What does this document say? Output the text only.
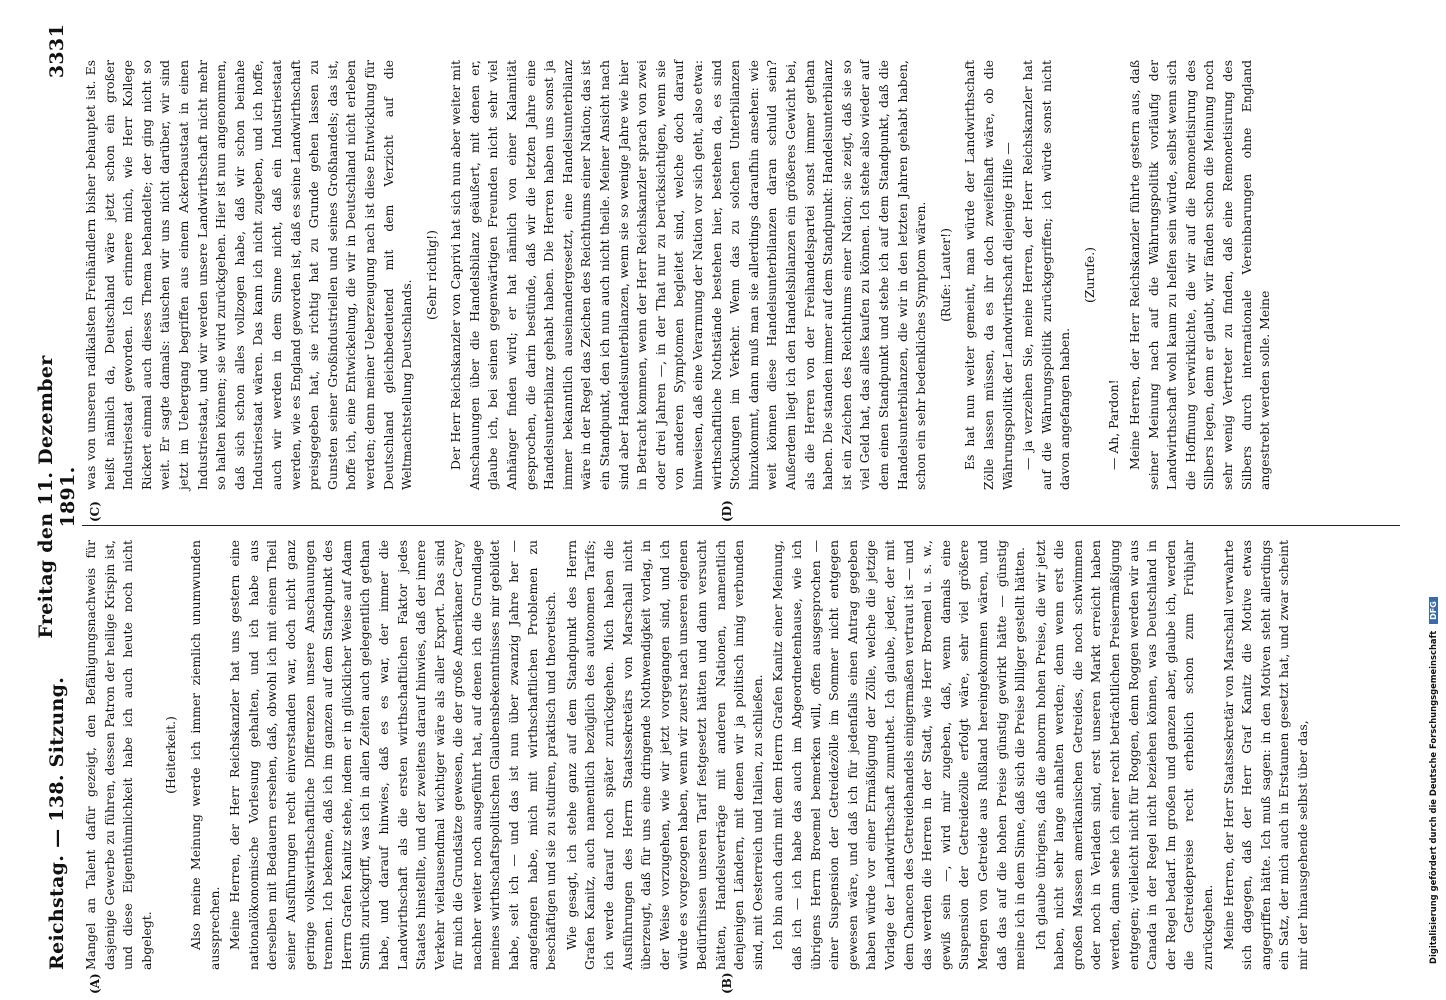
Reichstag. — 138. Sitzung.
Freitag den 11. Dezember 1891.
3331
(A)	(B)
(C)	(D)

Mangel an Talent dafür gezeigt, den Befähigungsnachweis für dasjenige Gewerbe zu führen, dessen Patron der heilige Krispin ist, und diese Eigenthümlichkeit habe ich auch heute noch nicht abgelegt.

(Heiterkeit.) Also meine Meinung werde ich immer ziemlich unumwunden aussprechen. Meine Herren, der Herr Reichskanzler hat uns gestern eine nationalökonomische Vorlesung gehalten, und ich habe aus derselben mit Bedauern ersehen, daß, obwohl ich mit einem Theil seiner Ausführungen recht einverstanden war, doch nicht ganz geringe volkswirthschaftliche Differenzen unsere Anschauungen trennen. Ich bekenne, daß ich im ganzen auf dem Standpunkt des Herrn Grafen Kanitz stehe, indem er in glücklicher Weise auf Adam Smith zurückgriff, was ich in allen Zeiten auch gelegentlich gethan habe, und darauf hinwies, daß es es war, der immer die Landwirthschaft als die ersten wirthschaftlichen Faktor jedes Staates hinstellte, und der zweitens darauf hinwies, daß der innere Verkehr vieltausendmal wichtiger wäre als aller Export. Das sind für mich die Grundsätze gewesen, die der große Amerikaner Carey nachher weiter noch ausgeführt hat, auf denen ich die Grundlage meines wirthschaftspolitischen Glaubensbekenntnisses mir gebildet habe, seit ich — und das ist nun über zwanzig Jahre her — angefangen habe, mich mit wirthschaftlichen Problemen zu beschäftigen und sie zu studiren, praktisch und theoretisch. Wie gesagt, ich stehe ganz auf dem Standpunkt des Herrn Grafen Kanitz, auch namentlich bezüglich des autonomen Tarifs; ich werde darauf noch später zurückgehen. Mich haben die Ausführungen des Herrn Staatssekretärs von Marschall nicht überzeugt, daß für uns eine dringende Nothwendigkeit vorlag, in der Weise vorzugehen, wie wir jetzt vorgegangen sind, und ich würde es vorgezogen haben, wenn wir zuerst nach unseren eigenen Bedürfnissen unseren Tarif festgesetzt hätten und dann versucht hätten, Handelsverträge mit anderen Nationen, namentlich denjenigen Ländern, mit denen wir ja politisch innig verbunden sind, mit Oesterreich und Italien, zu schließen. Ich bin auch darin mit dem Herrn Grafen Kanitz einer Meinung, daß ich — ich habe das auch im Abgeordnetenhause, wie ich übrigens Herrn Broemel bemerken will, offen ausgesprochen — einer Suspension der Getreidezölle im Sommer nicht entgegen gewesen wäre, und daß ich für jedenfalls einen Antrag gegeben haben würde vor einer Ermäßigung der Zölle, welche die jetzige Vorlage der Landwirthschaft zumuthet. Ich glaube, jeder, der mit dem Chancen des Getreidehandels einigermaßen vertraut ist — und das werden die Herren in der Stadt, wie Herr Broemel u. s. w., gewiß sein —, wird mir zugeben, daß, wenn damals eine Suspension der Getreidezölle erfolgt wäre, sehr viel größere Mengen von Getreide aus Rußland hereingekommen wären, und daß das auf die hohen Preise günstig gewirkt hätte — günstig meine ich in dem Sinne, daß sich die Preise billiger gestellt hätten. Ich glaube übrigens, daß die abnorm hohen Preise, die wir jetzt haben, nicht sehr lange anhalten werden; denn wenn erst die großen Massen amerikanischen Getreides, die noch schwimmen oder noch in Verladen sind, erst unseren Markt erreicht haben werden, dann sehe ich einer recht beträchtlichen Preisermäßigung entgegen; vielleicht nicht für Roggen, denn Roggen werden wir aus Canada in der Regel nicht beziehen können, was Deutschland in der Regel bedarf. Im großen und ganzen aber, glaube ich, werden die Getreidepreise recht erheblich schon zum Frühjahr zurückgehen. Meine Herren, der Herr Staatssekretär von Marschall verwahrte sich dagegen, daß der Herr Graf Kanitz die Motive etwas angegriffen hätte. Ich muß sagen: in den Motiven steht allerdings ein Satz, der mich auch in Erstaunen gesetzt hat, und zwar scheint mir der hinausgehende selbst über das,

was von unseren radikalsten Freihändlern bisher behauptet ist. Es heißt nämlich da, Deutschland wäre jetzt schon ein großer Industriestaat geworden. Ich erinnere mich, wie Herr Kollege Rickert einmal auch dieses Thema behandelte; der ging nicht so weit. Er sagte damals: täuschen wir uns nicht darüber, wir sind jetzt im Uebergang begriffen aus einem Ackerbaustaat in einen Industriestaat, und wir werden unsere Landwirthschaft nicht mehr so halten können; sie wird zurückgehen. Hier ist nun angenommen, daß sich schon alles vollzogen habe, daß wir schon beinahe Industriestaat wären. Das kann ich nicht zugeben, und ich hoffe, auch wir werden in dem Sinne nicht, daß ein Industriestaat werden, wie es England geworden ist, daß es seine Landwirthschaft preisgegeben hat, sie richtig hat zu Grunde gehen lassen zu Gunsten seiner Großindustriellen und seines Großhandels; das ist, hoffe ich, eine Entwickelung, die wir in Deutschland nicht erleben werden; denn meiner Ueberzeugung nach ist diese Entwicklung für Deutschland gleichbedeutend mit dem Verzicht auf die Weltmachtstellung Deutschlands.

(Sehr richtig!) Der Herr Reichskanzler von Caprivi hat sich nun aber weiter mit Anschauungen über die Handelsbilanz geäußert, mit denen er, glaube ich, bei seinen gegenwärtigen Freunden nicht sehr viel Anhänger finden wird; er hat nämlich von einer Kalamität gesprochen, die darin bestünde, daß wir die letzten Jahre eine Handelsunterbilanz gehabt haben. Die Herren haben uns sonst ja immer bekanntlich auseinandergesetzt, eine Handelsunterbilanz wäre in der Regel das Zeichen des Reichthums einer Nation; das ist ein Standpunkt, den ich nun auch nicht theile. Meiner Ansicht nach sind aber Handelsunterbilanzen, wenn sie so wenige Jahre wie hier in Betracht kommen, wenn der Herr Reichskanzler sprach von zwei oder drei Jahren —, in der That nur zu berücksichtigen, wenn sie von anderen Symptomen begleitet sind, welche doch darauf hinweisen, daß eine Verarmung der Nation vor sich geht, also etwa: wirthschaftliche Nothstände bestehen hier, bestehen da, es sind Stockungen im Verkehr. Wenn das zu solchen Unterbilanzen hinzukommt, dann muß man sie allerdings daraufhin ansehen: wie weit können diese Handelsunterbilanzen daran schuld sein? Außerdem liegt ich den Handelsbilanzen ein größeres Gewicht bei, als die Herren von der Freihandelspartei sonst immer gethan haben. Die standen immer auf dem Standpunkt: Handelsunterbilanz ist ein Zeichen des Reichthums einer Nation; sie zeigt, daß sie so viel Geld hat, das alles kaufen zu können. Ich stehe also wieder auf dem einen Standpunkt und stehe ich auf dem Standpunkt, daß die Handelsunterbilanzen, die wir in den letzten Jahren gehabt haben, schon ein sehr bedenkliches Symptom wären. (Rufe: Lauter!) Es hat nun weiter gemeint, man würde der Landwirthschaft Zölle lassen müssen, da es ihr doch zweifelhaft wäre, ob die Währungspolitik der Landwirthschaft diejenige Hilfe — — ja verzeihen Sie, meine Herren, der Herr Reichskanzler hat auf die Währungspolitik zurückgegriffen; ich würde sonst nicht davon angefangen haben.

(Zurufe.)

— Ah, Pardon! Meine Herren, der Herr Reichskanzler führte gestern aus, daß seiner Meinung nach auf die Währungspolitik vorläufig der Landwirthschaft wohl kaum zu helfen sein würde, selbst wenn sich die Hoffnung verwirklichte, die wir auf die Remonetisirung des Silbers legen, denn er glaubt, wir fänden schon die Meinung noch sehr wenig Vertreter zu finden, daß eine Remonetisirung des Silbers durch internationale Vereinbarungen ohne England angestrebt werden solle. Meine

Digitalisierung gefördert durch die Deutsche Forschungsgemeinschaft DFG
